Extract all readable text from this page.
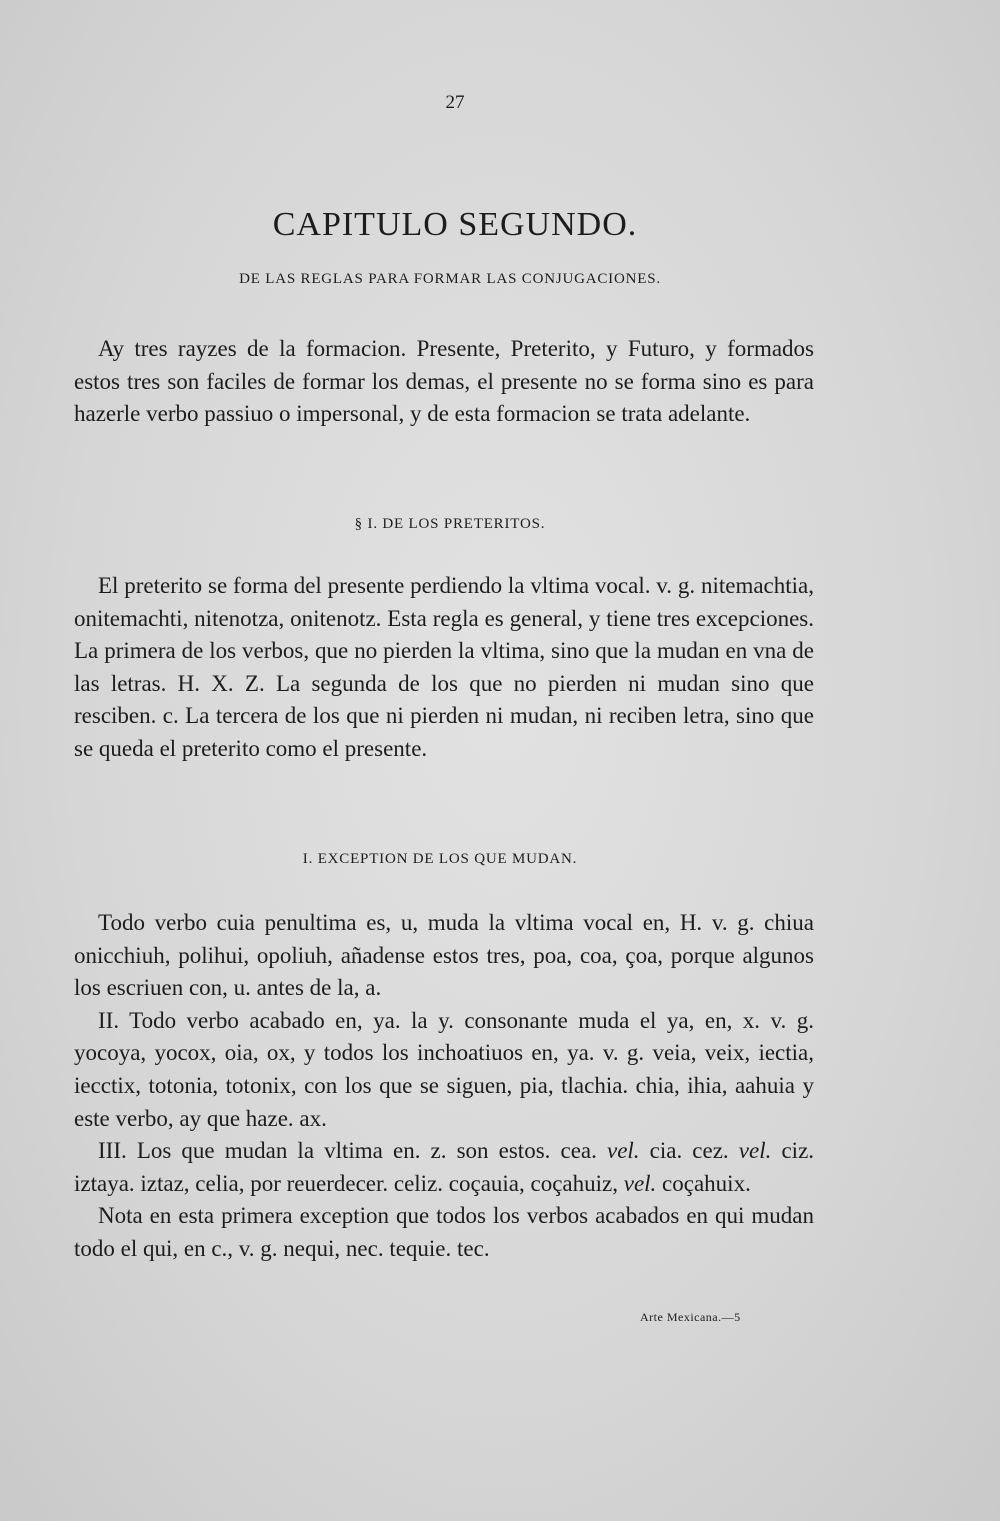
27
CAPITULO SEGUNDO.
DE LAS REGLAS PARA FORMAR LAS CONJUGACIONES.

Ay tres rayzes de la formacion. Presente, Preterito, y Futuro, y formados estos tres son faciles de formar los demas, el presente no se forma sino es para hazerle verbo passiuo o impersonal, y de esta formacion se trata adelante.

§ I. DE LOS PRETERITOS.

El preterito se forma del presente perdiendo la vltima vocal. v. g. nitemachtia, onitemachti, nitenotza, onitenotz. Esta regla es general, y tiene tres excepciones. La primera de los verbos, que no pierden la vltima, sino que la mudan en vna de las letras. H. X. Z. La segunda de los que no pierden ni mudan sino que resciben. c. La tercera de los que ni pierden ni mudan, ni reciben letra, sino que se queda el preterito como el presente.

I. EXCEPTION DE LOS QUE MUDAN.

Todo verbo cuia penultima es, u, muda la vltima vocal en, H. v. g. chiua onicchiuh, polihui, opoliuh, añadense estos tres, poa, coa, çoa, porque algunos los escriuen con, u. antes de la, a.

II. Todo verbo acabado en, ya. la y. consonante muda el ya, en, x. v. g. yocoya, yocox, oia, ox, y todos los inchoatiuos en, ya. v. g. veia, veix, iectia, iecctix, totonia, totonix, con los que se siguen, pia, tlachia. chia, ihia, aahuia y este verbo, ay que haze. ax.

III. Los que mudan la vltima en. z. son estos. cea. vel. cia. cez. vel. ciz. iztaya. iztaz, celia, por reuerdecer. celiz. coçauia, coçahuiz, vel. coçahuix.

Nota en esta primera exception que todos los verbos acabados en qui mudan todo el qui, en c., v. g. nequi, nec. tequie. tec.

Arte Mexicana.—5
